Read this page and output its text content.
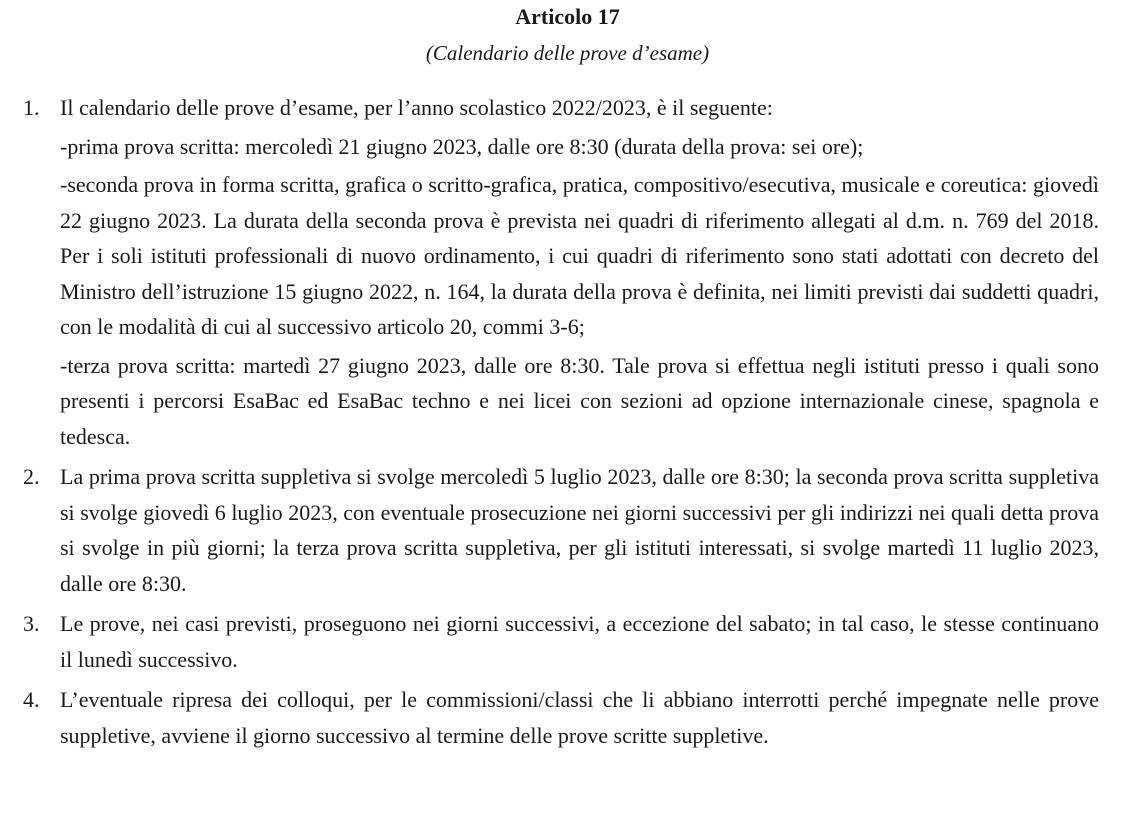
Articolo 17
(Calendario delle prove d’esame)
1. Il calendario delle prove d’esame, per l’anno scolastico 2022/2023, è il seguente:

-prima prova scritta: mercoledì 21 giugno 2023, dalle ore 8:30 (durata della prova: sei ore);

-seconda prova in forma scritta, grafica o scritto-grafica, pratica, compositivo/esecutiva, musicale e coreutica: giovedì 22 giugno 2023. La durata della seconda prova è prevista nei quadri di riferimento allegati al d.m. n. 769 del 2018. Per i soli istituti professionali di nuovo ordinamento, i cui quadri di riferimento sono stati adottati con decreto del Ministro dell’istruzione 15 giugno 2022, n. 164, la durata della prova è definita, nei limiti previsti dai suddetti quadri, con le modalità di cui al successivo articolo 20, commi 3-6;

-terza prova scritta: martedì 27 giugno 2023, dalle ore 8:30. Tale prova si effettua negli istituti presso i quali sono presenti i percorsi EsaBac ed EsaBac techno e nei licei con sezioni ad opzione internazionale cinese, spagnola e tedesca.

2. La prima prova scritta suppletiva si svolge mercoledì 5 luglio 2023, dalle ore 8:30; la seconda prova scritta suppletiva si svolge giovedì 6 luglio 2023, con eventuale prosecuzione nei giorni successivi per gli indirizzi nei quali detta prova si svolge in più giorni; la terza prova scritta suppletiva, per gli istituti interessati, si svolge martedì 11 luglio 2023, dalle ore 8:30.

3. Le prove, nei casi previsti, proseguono nei giorni successivi, a eccezione del sabato; in tal caso, le stesse continuano il lunedì successivo.

4. L’eventuale ripresa dei colloqui, per le commissioni/classi che li abbiano interrotti perché impegnate nelle prove suppletive, avviene il giorno successivo al termine delle prove scritte suppletive.
